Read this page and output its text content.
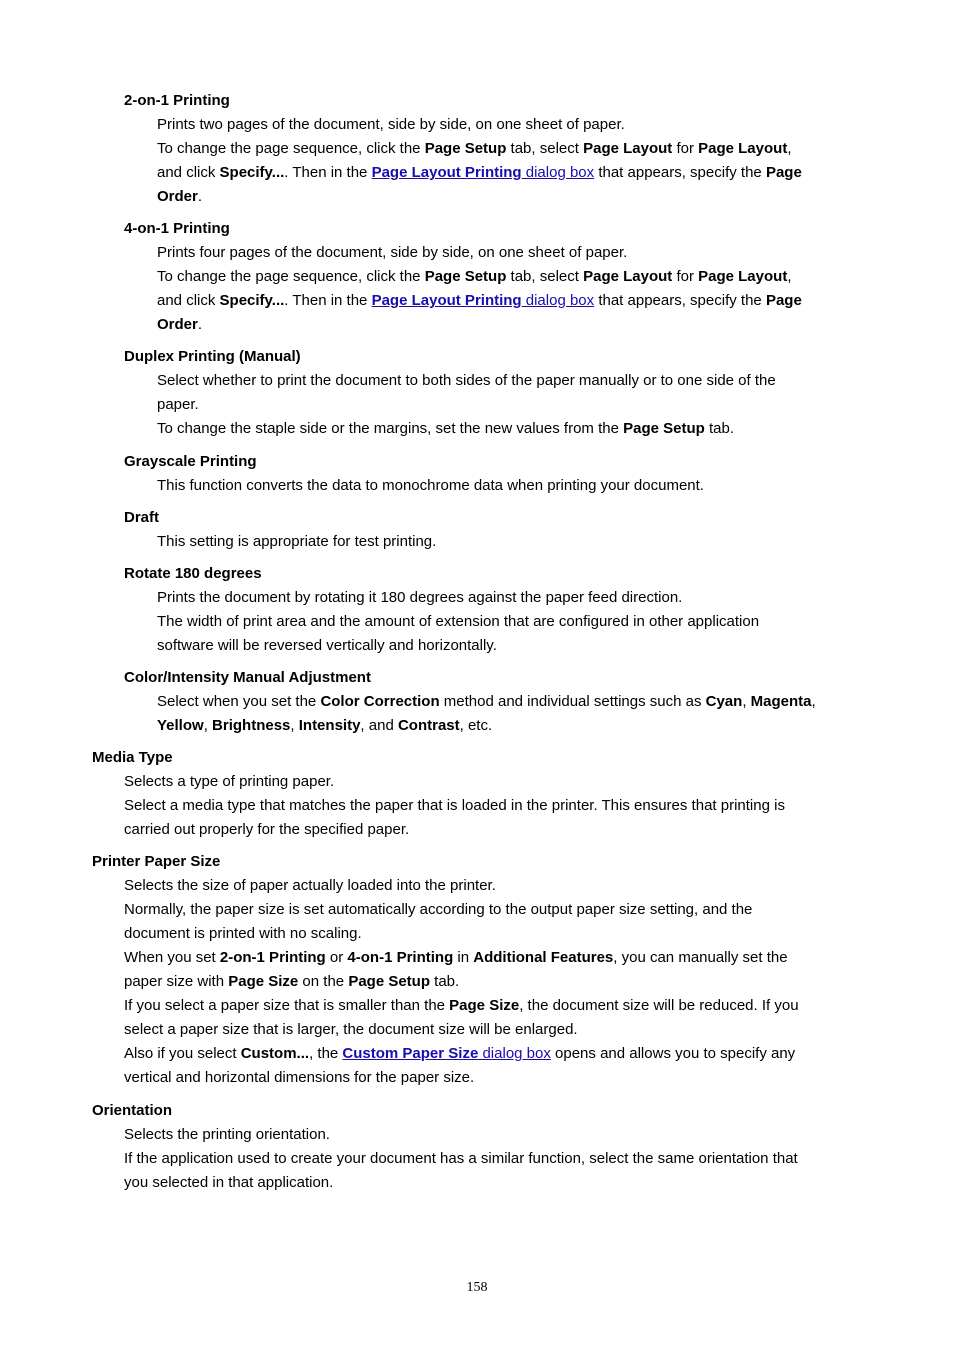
2-on-1 Printing
Prints two pages of the document, side by side, on one sheet of paper.
To change the page sequence, click the Page Setup tab, select Page Layout for Page Layout,
and click Specify.... Then in the Page Layout Printing dialog box that appears, specify the Page
Order.
4-on-1 Printing
Prints four pages of the document, side by side, on one sheet of paper.
To change the page sequence, click the Page Setup tab, select Page Layout for Page Layout,
and click Specify.... Then in the Page Layout Printing dialog box that appears, specify the Page
Order.
Duplex Printing (Manual)
Select whether to print the document to both sides of the paper manually or to one side of the
paper.
To change the staple side or the margins, set the new values from the Page Setup tab.
Grayscale Printing
This function converts the data to monochrome data when printing your document.
Draft
This setting is appropriate for test printing.
Rotate 180 degrees
Prints the document by rotating it 180 degrees against the paper feed direction.
The width of print area and the amount of extension that are configured in other application
software will be reversed vertically and horizontally.
Color/Intensity Manual Adjustment
Select when you set the Color Correction method and individual settings such as Cyan, Magenta,
Yellow, Brightness, Intensity, and Contrast, etc.
Media Type
Selects a type of printing paper.
Select a media type that matches the paper that is loaded in the printer. This ensures that printing is
carried out properly for the specified paper.
Printer Paper Size
Selects the size of paper actually loaded into the printer.
Normally, the paper size is set automatically according to the output paper size setting, and the
document is printed with no scaling.
When you set 2-on-1 Printing or 4-on-1 Printing in Additional Features, you can manually set the
paper size with Page Size on the Page Setup tab.
If you select a paper size that is smaller than the Page Size, the document size will be reduced. If you
select a paper size that is larger, the document size will be enlarged.
Also if you select Custom..., the Custom Paper Size dialog box opens and allows you to specify any
vertical and horizontal dimensions for the paper size.
Orientation
Selects the printing orientation.
If the application used to create your document has a similar function, select the same orientation that
you selected in that application.
158
